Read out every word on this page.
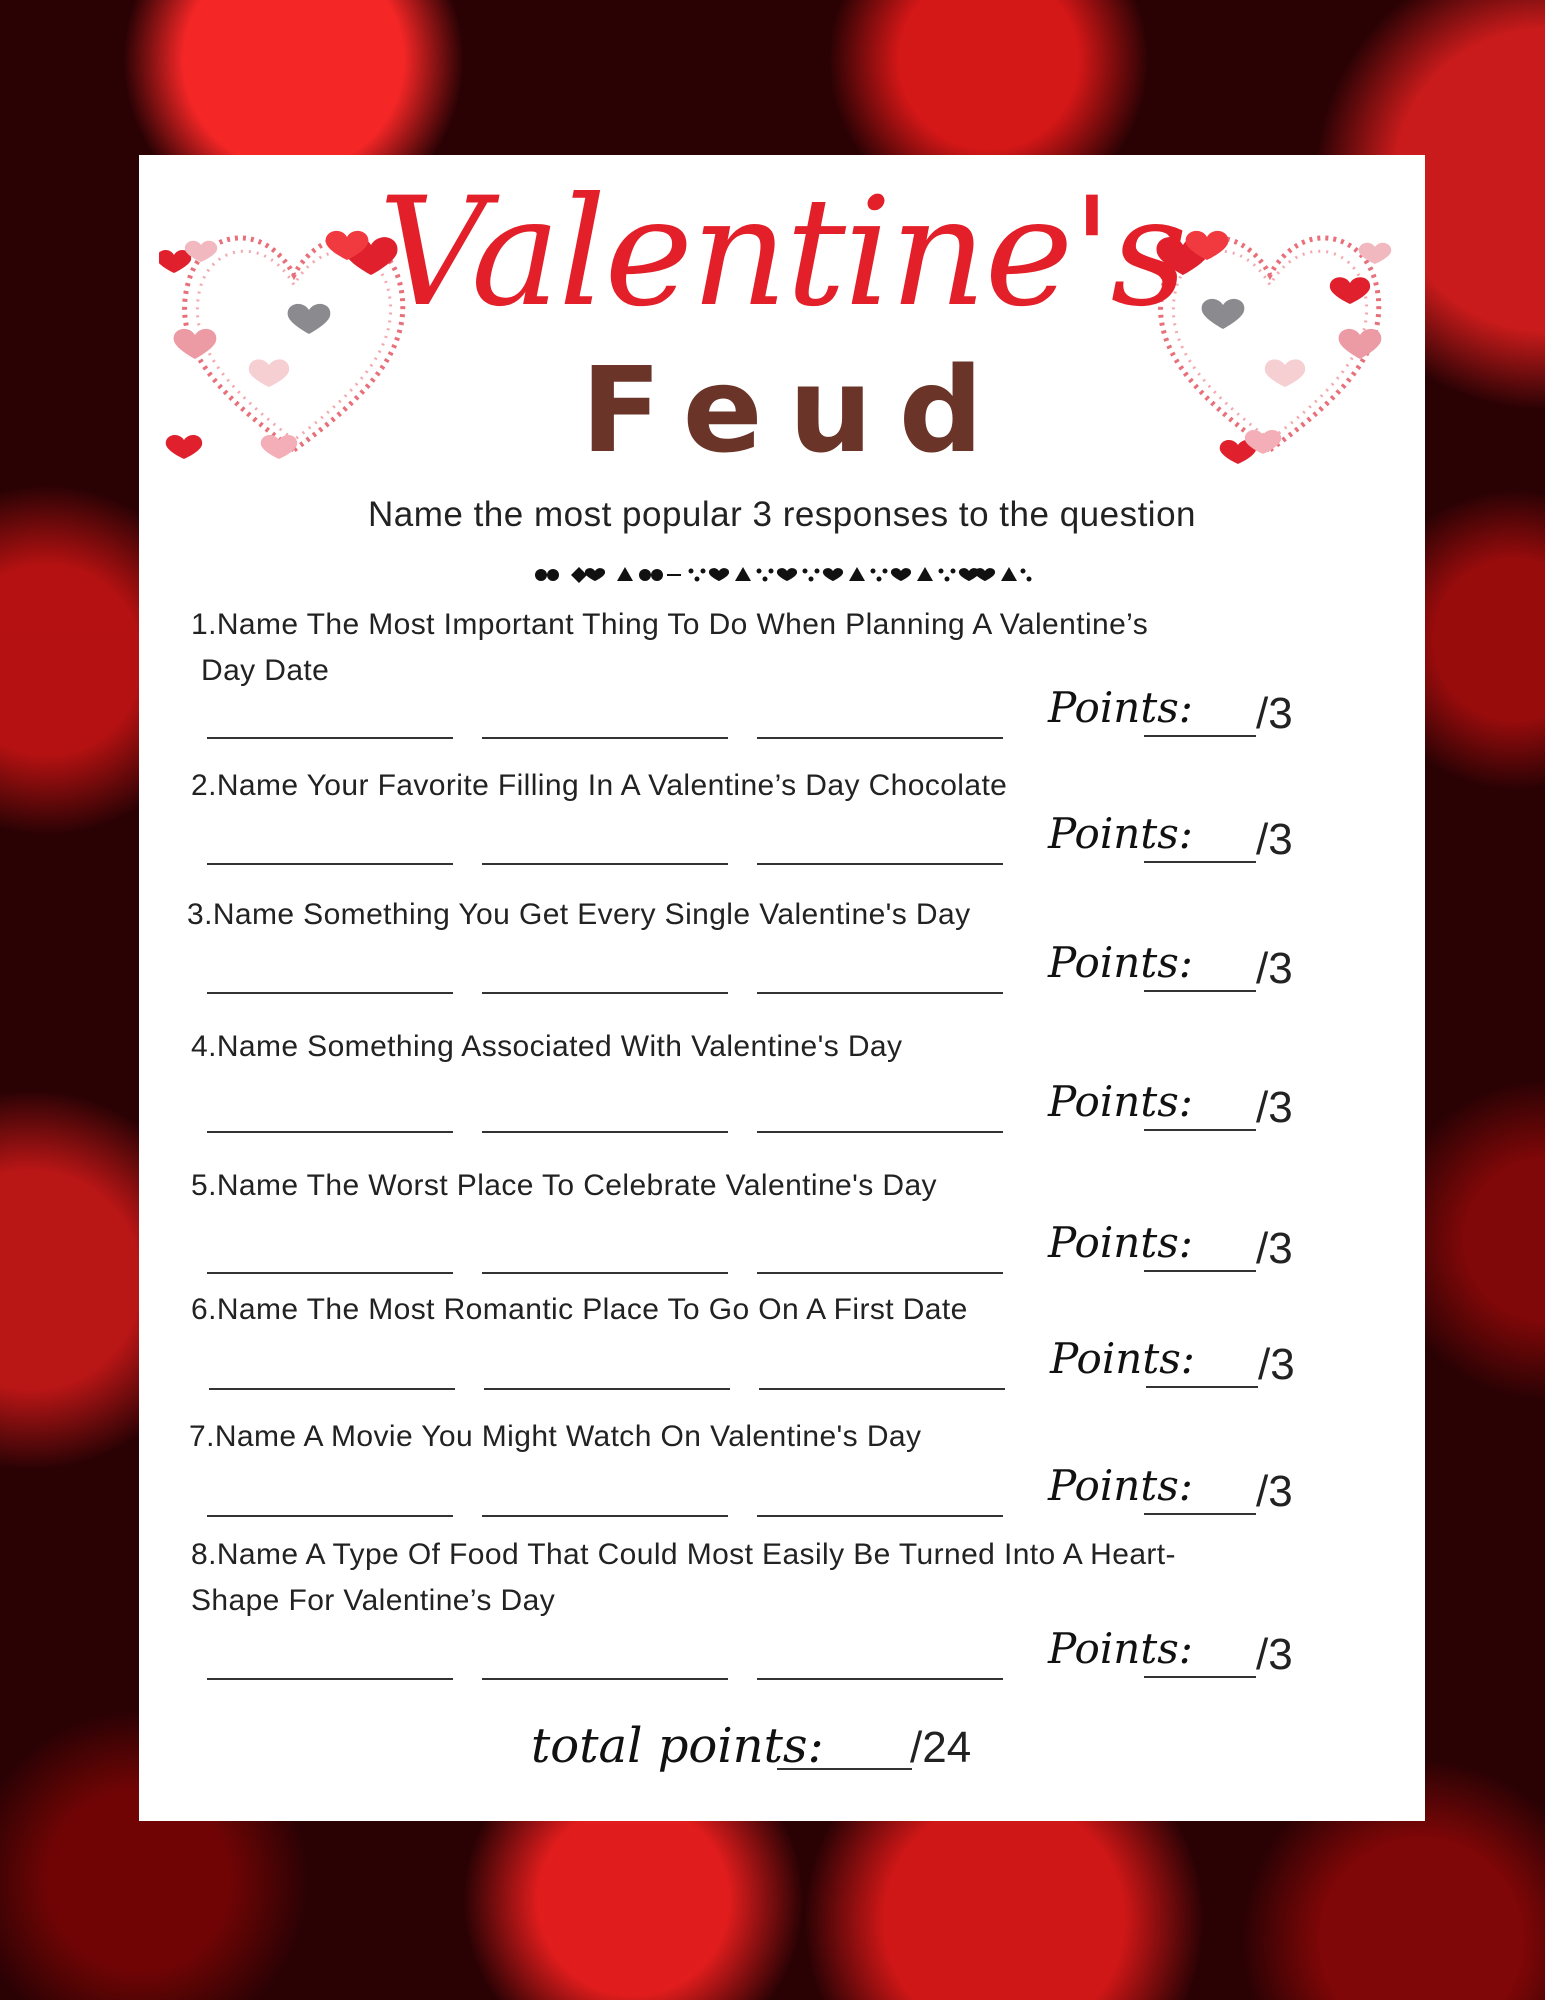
Valentine's
Feud
Name the most popular 3 responses to the question
1.Name The Most Important Thing To Do When Planning A Valentine’s
Day Date
Points: /3
2.Name Your Favorite Filling In A Valentine’s Day Chocolate
Points: /3
3.Name Something You Get Every Single Valentine's Day
Points: /3
4.Name Something Associated With Valentine's Day
Points: /3
5.Name The Worst Place To Celebrate Valentine's Day
Points: /3
6.Name The Most Romantic Place To Go On A First Date
Points: /3
7.Name A Movie You Might Watch On Valentine's Day
Points: /3
8.Name A Type Of Food That Could Most Easily Be Turned Into A Heart-
Shape For Valentine’s Day
Points: /3
total points: /24
